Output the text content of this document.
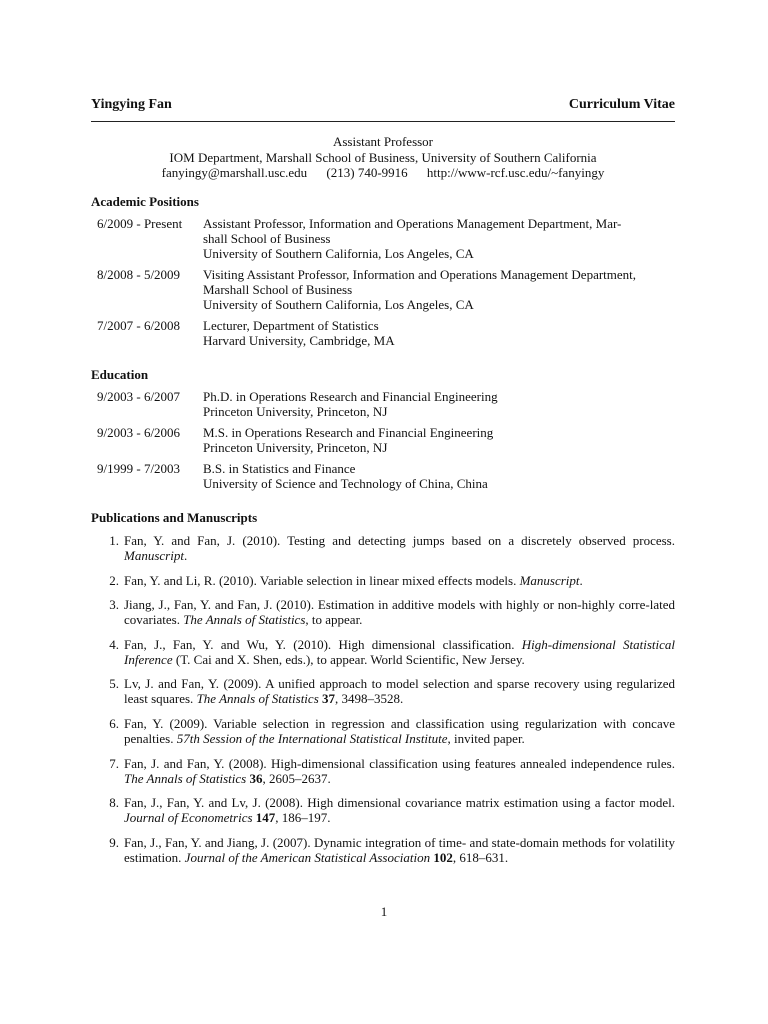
Yingying Fan	Curriculum Vitae
Assistant Professor
IOM Department, Marshall School of Business, University of Southern California
fanyingy@marshall.usc.edu (213) 740-9916 http://www-rcf.usc.edu/~fanyingy
Academic Positions
6/2009 - Present	Assistant Professor, Information and Operations Management Department, Mar-
shall School of Business
University of Southern California, Los Angeles, CA
8/2008 - 5/2009	Visiting Assistant Professor, Information and Operations Management Department,
Marshall School of Business
University of Southern California, Los Angeles, CA
7/2007 - 6/2008	Lecturer, Department of Statistics
Harvard University, Cambridge, MA
Education
9/2003 - 6/2007	Ph.D. in Operations Research and Financial Engineering
Princeton University, Princeton, NJ
9/2003 - 6/2006	M.S. in Operations Research and Financial Engineering
Princeton University, Princeton, NJ
9/1999 - 7/2003	B.S. in Statistics and Finance
University of Science and Technology of China, China
Publications and Manuscripts
1. Fan, Y. and Fan, J. (2010). Testing and detecting jumps based on a discretely observed process. Manuscript.
2. Fan, Y. and Li, R. (2010). Variable selection in linear mixed effects models. Manuscript.
3. Jiang, J., Fan, Y. and Fan, J. (2010). Estimation in additive models with highly or non-highly corre-lated covariates. The Annals of Statistics, to appear.
4. Fan, J., Fan, Y. and Wu, Y. (2010). High dimensional classification. High-dimensional Statistical Inference (T. Cai and X. Shen, eds.), to appear. World Scientific, New Jersey.
5. Lv, J. and Fan, Y. (2009). A unified approach to model selection and sparse recovery using regularized least squares. The Annals of Statistics 37, 3498–3528.
6. Fan, Y. (2009). Variable selection in regression and classification using regularization with concave penalties. 57th Session of the International Statistical Institute, invited paper.
7. Fan, J. and Fan, Y. (2008). High-dimensional classification using features annealed independence rules. The Annals of Statistics 36, 2605–2637.
8. Fan, J., Fan, Y. and Lv, J. (2008). High dimensional covariance matrix estimation using a factor model. Journal of Econometrics 147, 186–197.
9. Fan, J., Fan, Y. and Jiang, J. (2007). Dynamic integration of time- and state-domain methods for volatility estimation. Journal of the American Statistical Association 102, 618–631.
1
